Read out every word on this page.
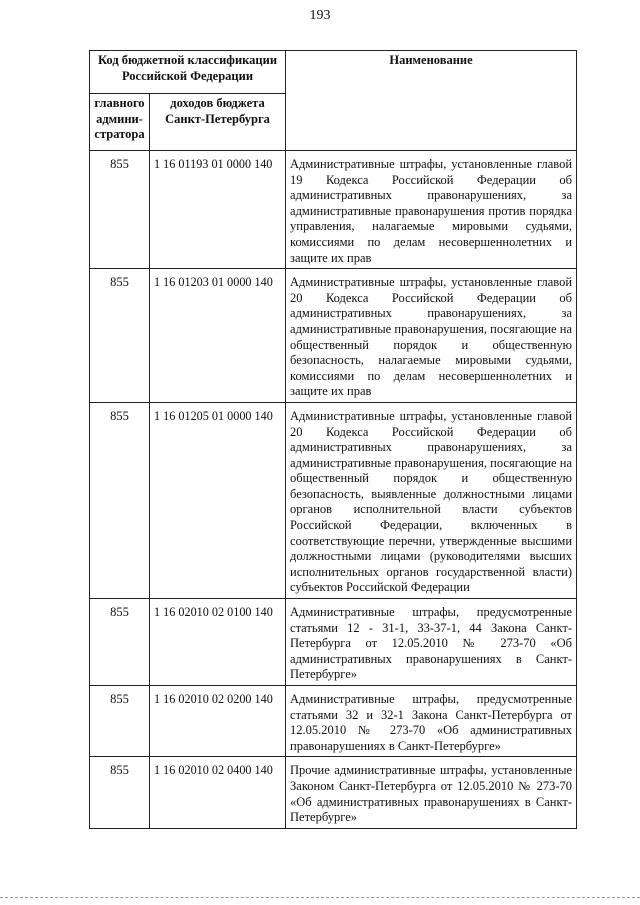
193
Код бюджетной классификации Российской Федерации		Наименование
главного админи-стратора	доходов бюджета Санкт-Петербурга	
855	1 16 01193 01 0000 140	Административные штрафы, установленные главой 19 Кодекса Российской Федерации об административных правонарушениях, за административные правонарушения против порядка управления, налагаемые мировыми судьями, комиссиями по делам несовершеннолетних и защите их прав
855	1 16 01203 01 0000 140	Административные штрафы, установленные главой 20 Кодекса Российской Федерации об административных правонарушениях, за административные правонарушения, посягающие на общественный порядок и общественную безопасность, налагаемые мировыми судьями, комиссиями по делам несовершеннолетних и защите их прав
855	1 16 01205 01 0000 140	Административные штрафы, установленные главой 20 Кодекса Российской Федерации об административных правонарушениях, за административные правонарушения, посягающие на общественный порядок и общественную безопасность, выявленные должностными лицами органов исполнительной власти субъектов Российской Федерации, включенных в соответствующие перечни, утвержденные высшими должностными лицами (руководителями высших исполнительных органов государственной власти) субъектов Российской Федерации
855	1 16 02010 02 0100 140	Административные штрафы, предусмотренные статьями 12 - 31-1, 33-37-1, 44 Закона Санкт-Петербурга от 12.05.2010 № 273-70 «Об административных правонарушениях в Санкт-Петербурге»
855	1 16 02010 02 0200 140	Административные штрафы, предусмотренные статьями 32 и 32-1 Закона Санкт-Петербурга от 12.05.2010 № 273-70 «Об административных правонарушениях в Санкт-Петербурге»
855	1 16 02010 02 0400 140	Прочие административные штрафы, установленные Законом Санкт-Петербурга от 12.05.2010 № 273-70 «Об административных правонарушениях в Санкт-Петербурге»
